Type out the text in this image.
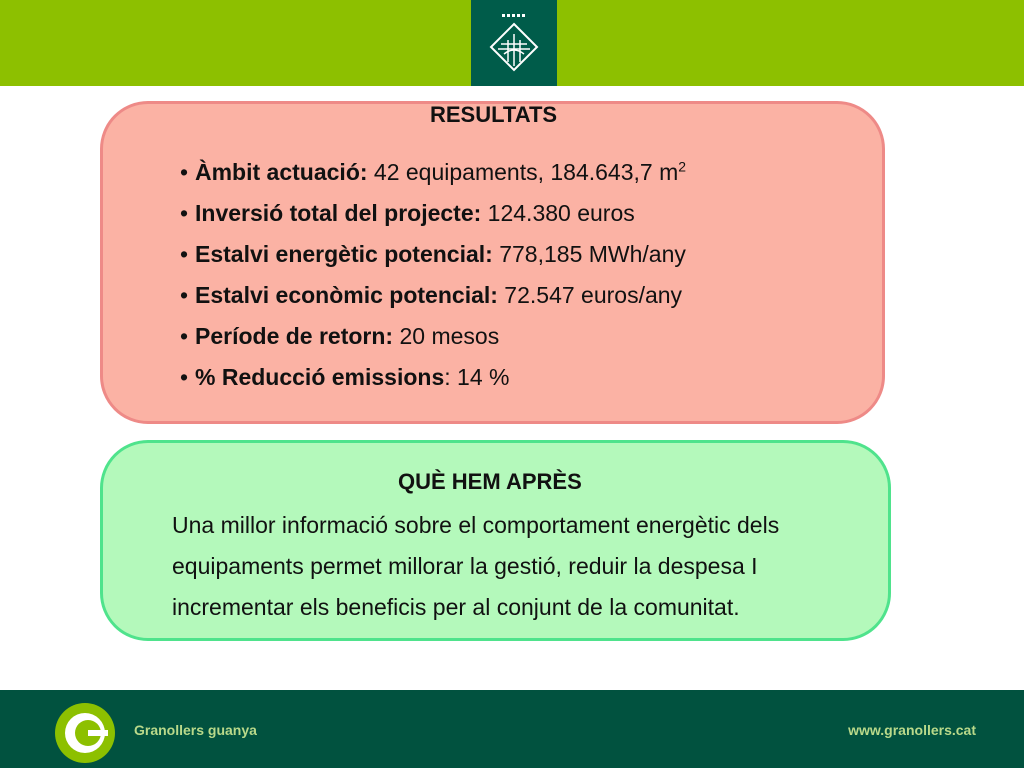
RESULTATS
• Àmbit actuació: 42 equipaments, 184.643,7 $m^2$
• Inversió total del projecte: 124.380 euros
• Estalvi energètic potencial: 778,185 MWh/any
• Estalvi econòmic potencial: 72.547 euros/any
• Període de retorn: 20 mesos
• % Reducció emissions: 14 %
QUÈ HEM APRÈS
Una millor informació sobre el comportament energètic dels equipaments permet millorar la gestió, reduir la despesa I incrementar els beneficis per al conjunt de la comunitat.
Granollers guanya	www.granollers.cat
